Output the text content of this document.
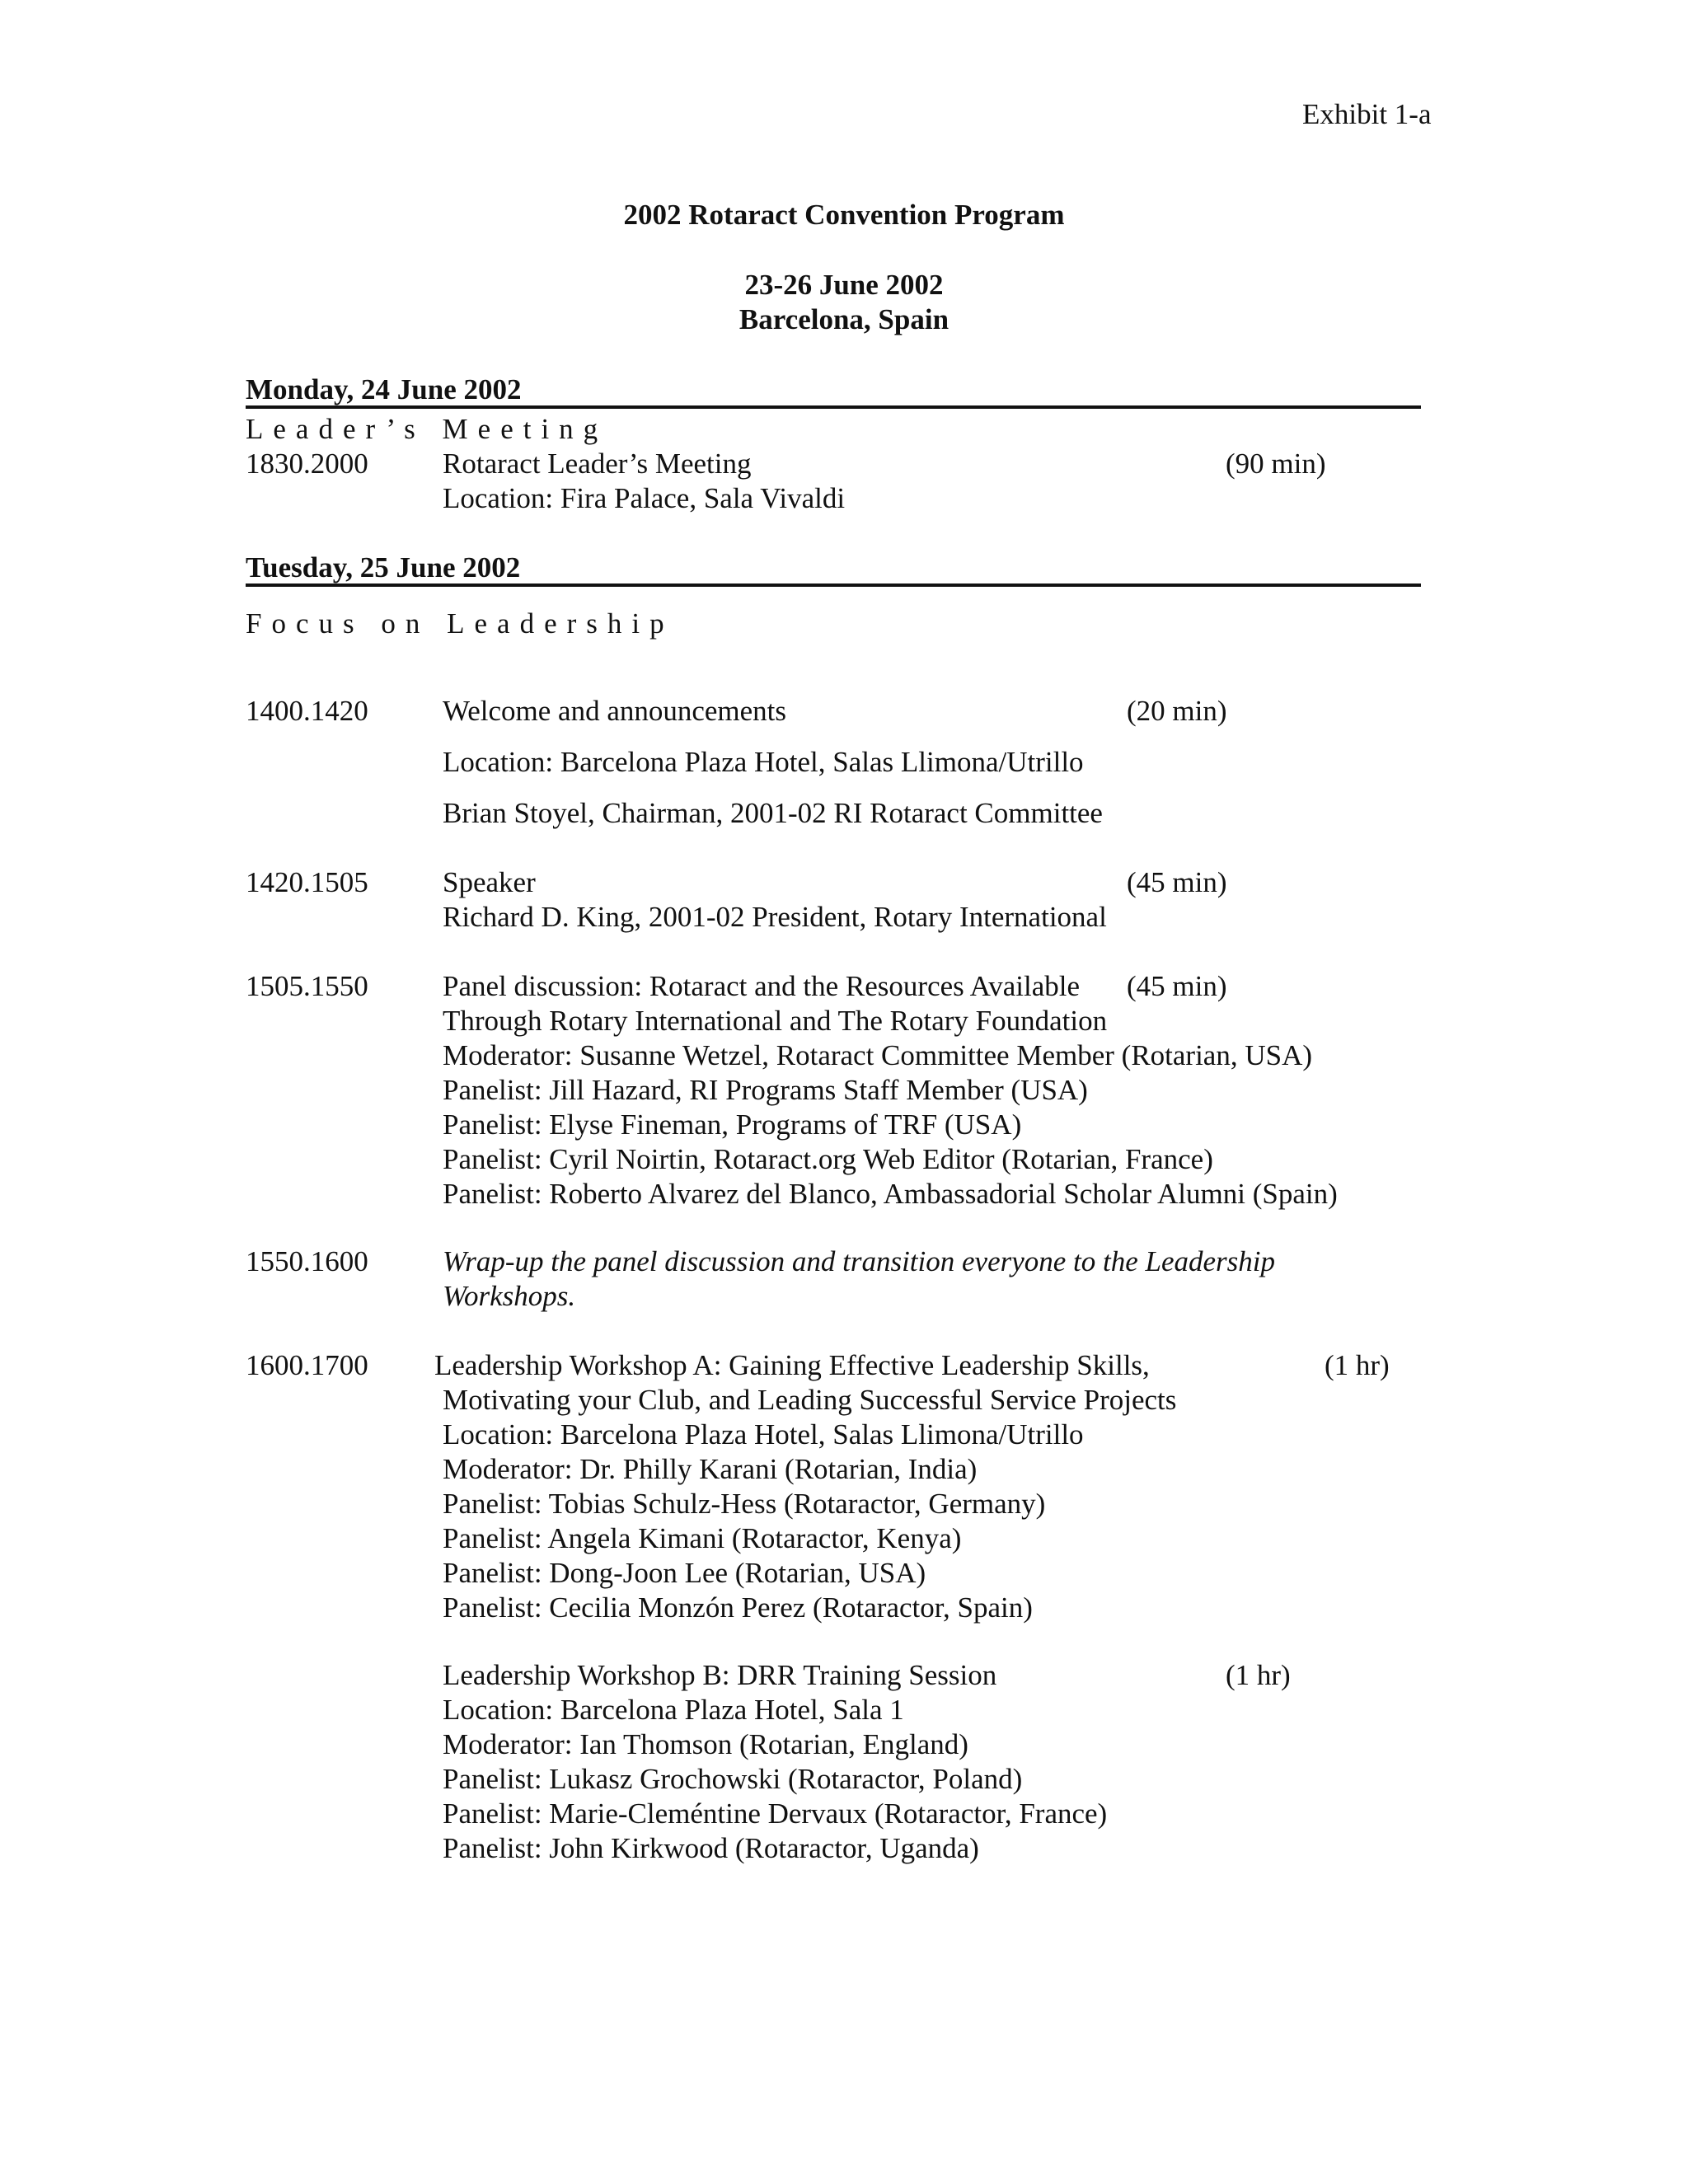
Exhibit 1-a
2002 Rotaract Convention Program
23-26 June 2002
Barcelona, Spain
Monday, 24 June 2002
Leader’s Meeting
1830.2000	Rotaract Leader’s Meeting	(90 min)
Location: Fira Palace, Sala Vivaldi
Tuesday, 25 June 2002
Focus on Leadership
1400.1420	Welcome and announcements	(20 min)
Location: Barcelona Plaza Hotel, Salas Llimona/Utrillo
Brian Stoyel, Chairman, 2001-02 RI Rotaract Committee
1420.1505	Speaker	(45 min)
Richard D. King, 2001-02 President, Rotary International
1505.1550	Panel discussion: Rotaract and the Resources Available (45 min)
Through Rotary International and The Rotary Foundation
Moderator: Susanne Wetzel, Rotaract Committee Member (Rotarian, USA)
Panelist: Jill Hazard, RI Programs Staff Member (USA)
Panelist: Elyse Fineman, Programs of TRF (USA)
Panelist: Cyril Noirtin, Rotaract.org Web Editor (Rotarian, France)
Panelist: Roberto Alvarez del Blanco, Ambassadorial Scholar Alumni (Spain)
1550.1600	Wrap-up the panel discussion and transition everyone to the Leadership
Workshops.
1600.1700 Leadership Workshop A: Gaining Effective Leadership Skills,	(1 hr)
Motivating your Club, and Leading Successful Service Projects
Location: Barcelona Plaza Hotel, Salas Llimona/Utrillo
Moderator: Dr. Philly Karani (Rotarian, India)
Panelist: Tobias Schulz-Hess (Rotaractor, Germany)
Panelist: Angela Kimani (Rotaractor, Kenya)
Panelist: Dong-Joon Lee (Rotarian, USA)
Panelist: Cecilia Monzón Perez (Rotaractor, Spain)
Leadership Workshop B: DRR Training Session	(1 hr)
Location: Barcelona Plaza Hotel, Sala 1
Moderator: Ian Thomson (Rotarian, England)
Panelist: Lukasz Grochowski (Rotaractor, Poland)
Panelist: Marie-Cleméntine Dervaux (Rotaractor, France)
Panelist: John Kirkwood (Rotaractor, Uganda)
